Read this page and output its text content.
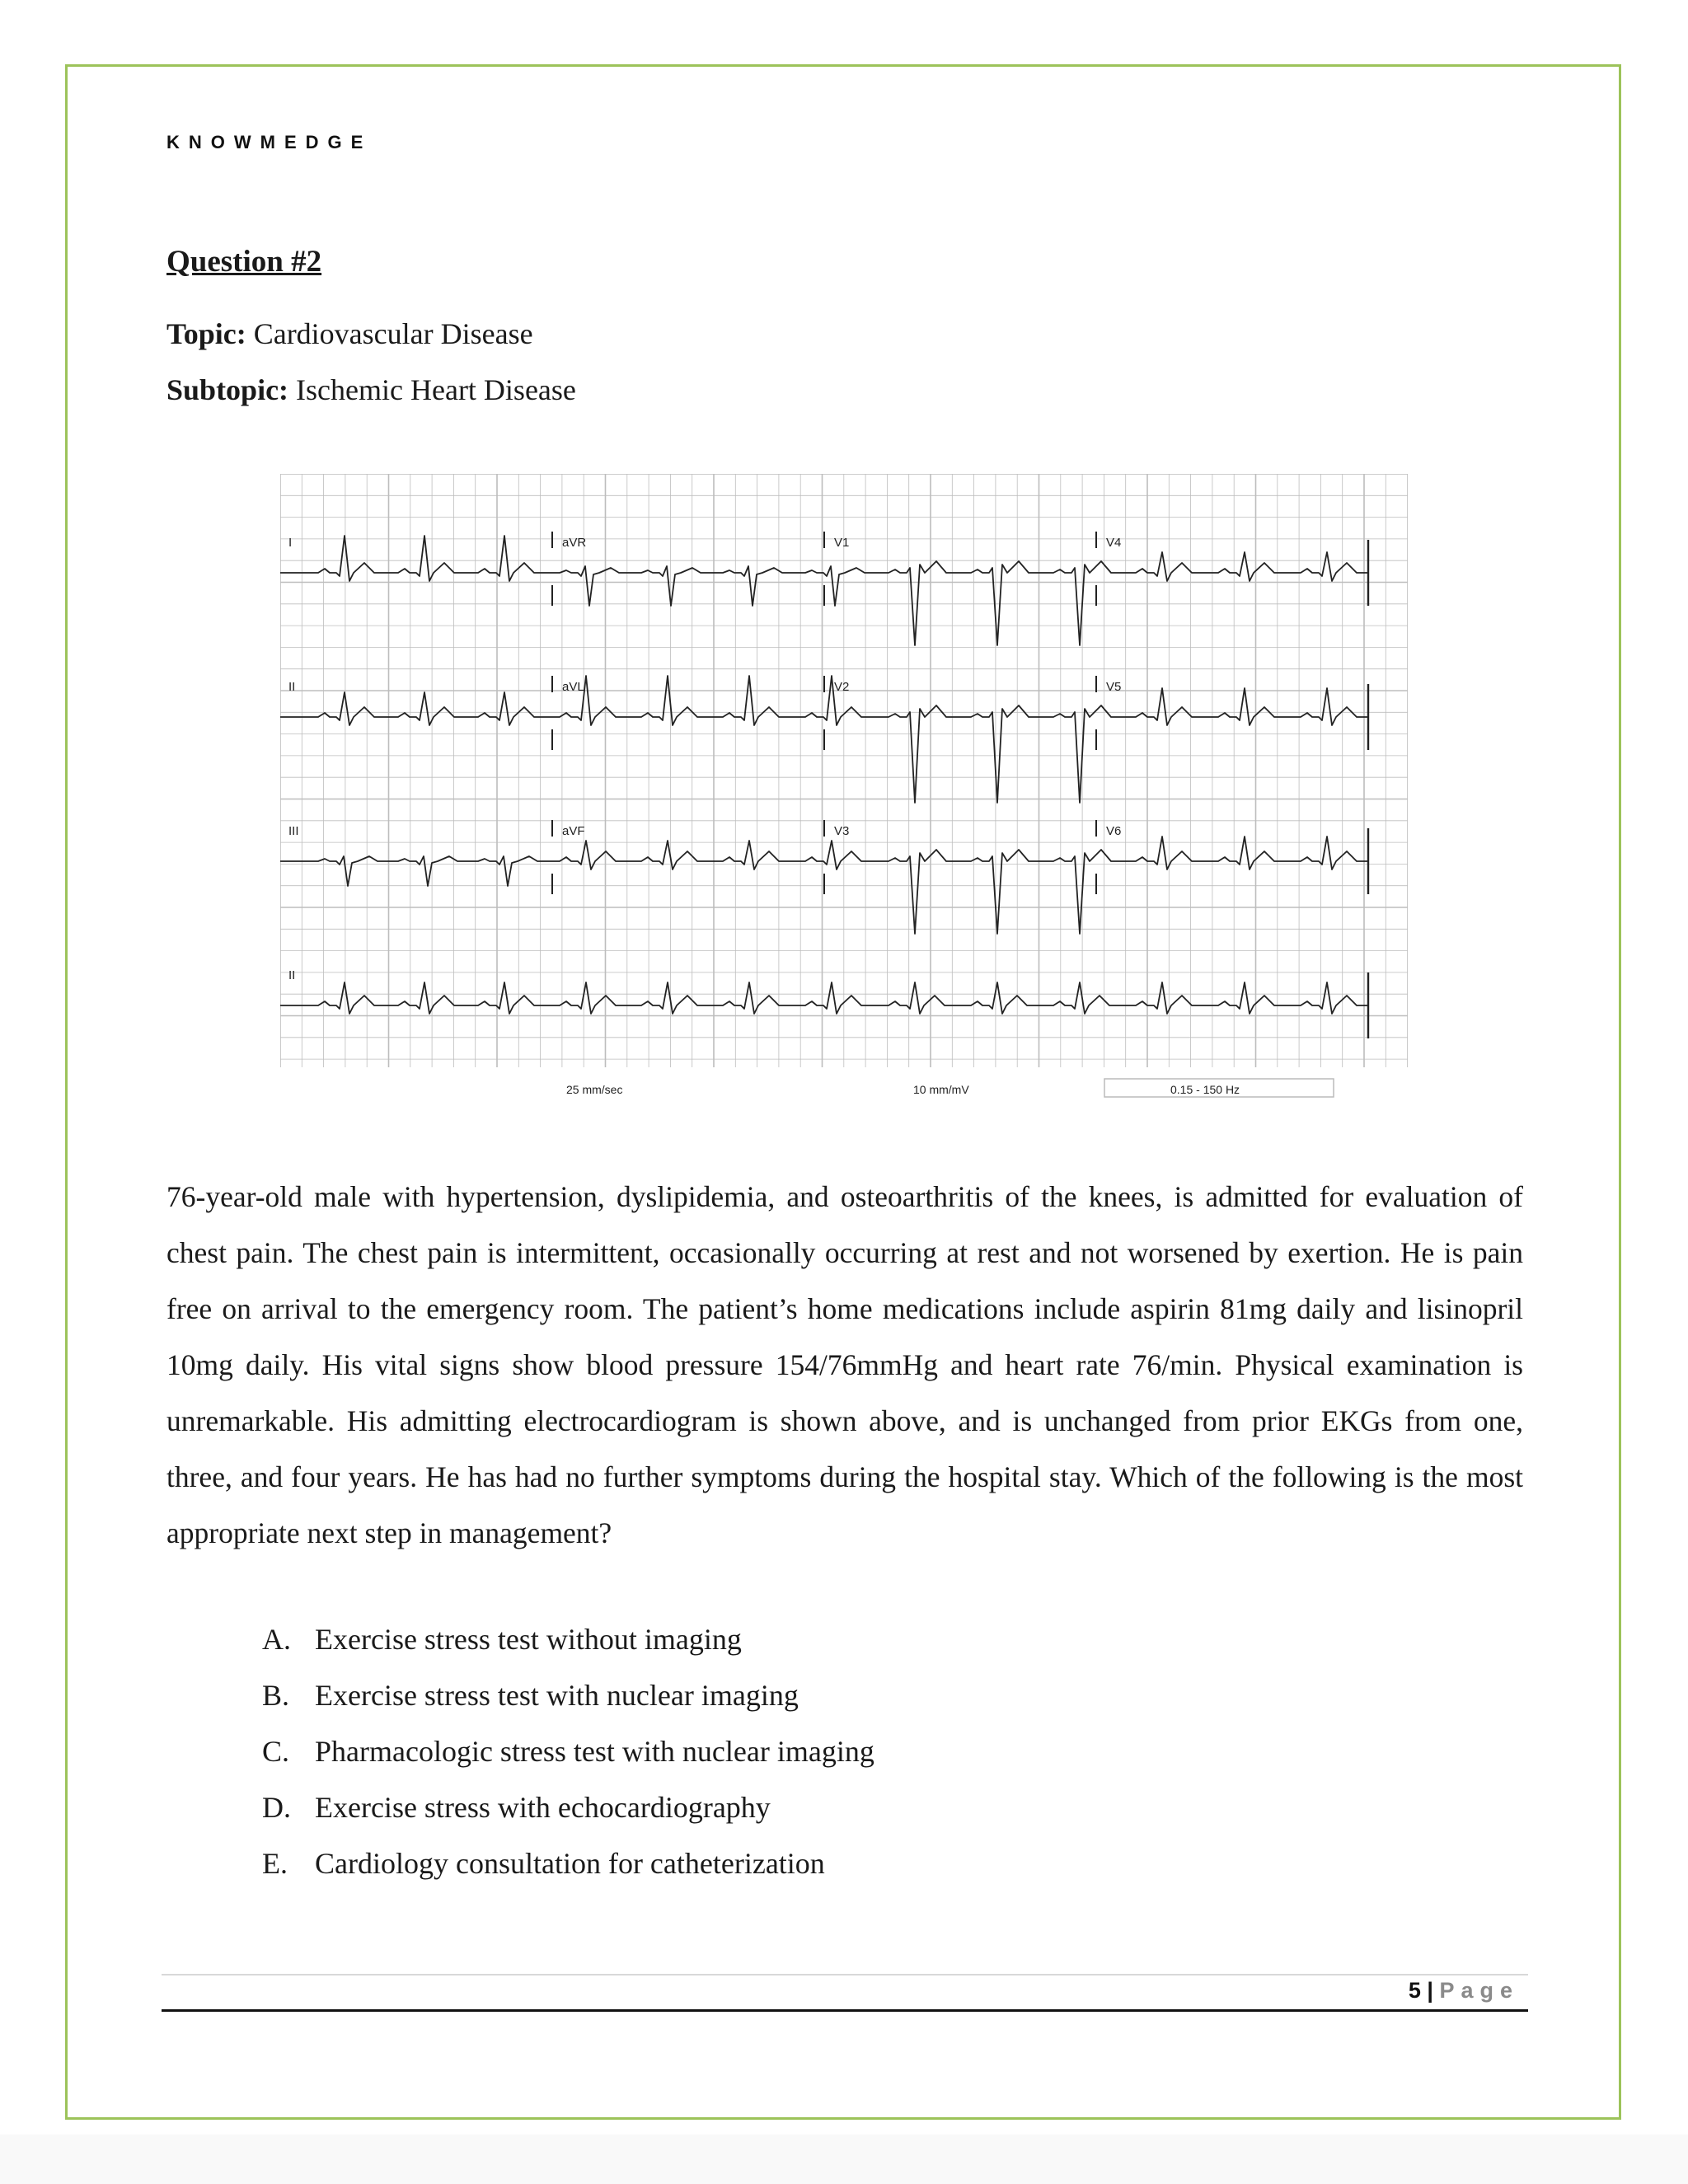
KNOWMEDGE
Question #2
Topic: Cardiovascular Disease
Subtopic: Ischemic Heart Disease
I	aVR	V1	V4
II	aVL	V2	V5
III	aVF	V3	V6
II
25 mm/sec	10 mm/mV	0.15 - 150 Hz
76-year-old male with hypertension, dyslipidemia, and osteoarthritis of the knees, is admitted for evaluation of chest pain. The chest pain is intermittent, occasionally occurring at rest and not worsened by exertion. He is pain free on arrival to the emergency room. The patient’s home medications include aspirin 81mg daily and lisinopril 10mg daily. His vital signs show blood pressure 154/76mmHg and heart rate 76/min. Physical examination is unremarkable. His admitting electrocardiogram is shown above, and is unchanged from prior EKGs from one, three, and four years. He has had no further symptoms during the hospital stay. Which of the following is the most appropriate next step in management?
A. Exercise stress test without imaging
B. Exercise stress test with nuclear imaging
C. Pharmacologic stress test with nuclear imaging
D. Exercise stress with echocardiography
E. Cardiology consultation for catheterization
5 | Page
